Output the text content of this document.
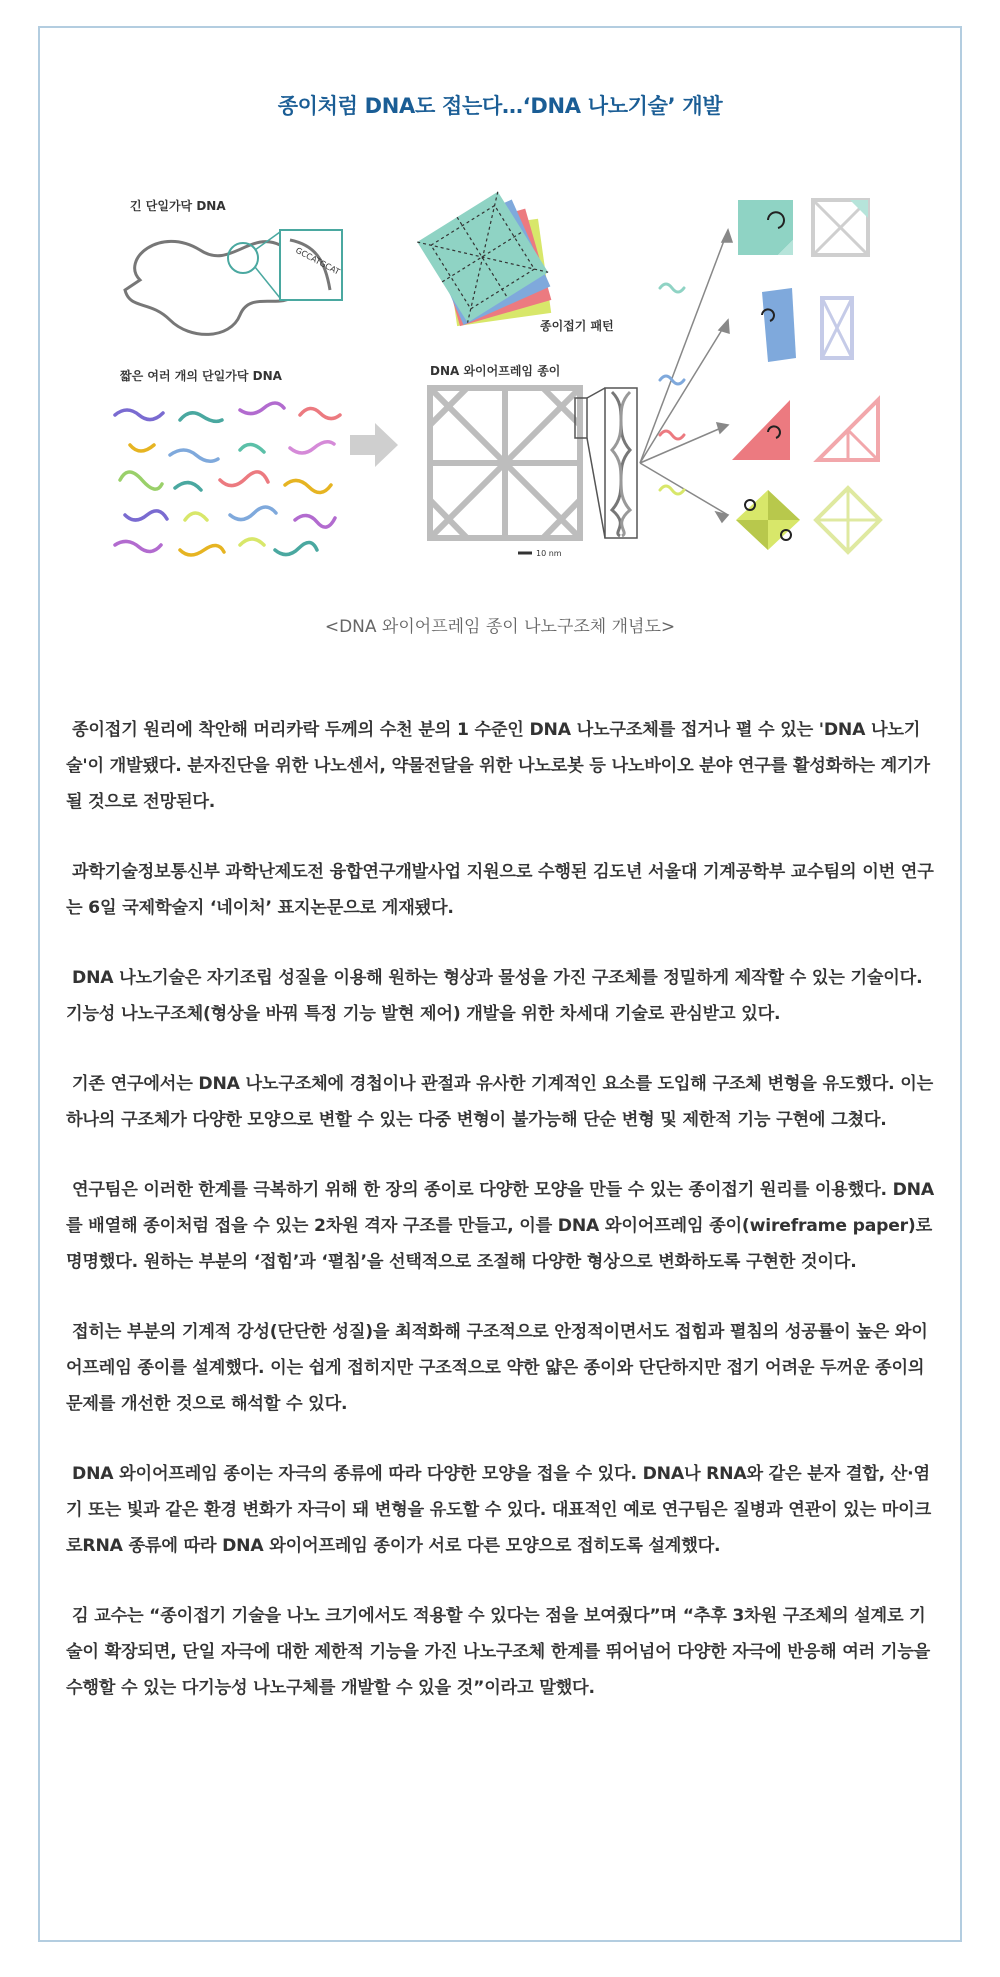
종이처럼 DNA도 접는다…‘DNA 나노기술’ 개발
긴 단일가닥 DNA
GCCATGCAT
짧은 여러 개의 단일가닥 DNA
종이접기 패턴
DNA 와이어프레임 종이
10 nm
<DNA 와이어프레임 종이 나노구조체 개념도>

종이접기 원리에 착안해 머리카락 두께의 수천 분의 1 수준인 DNA 나노구조체를 접거나 펼 수 있는 'DNA 나노기술'이 개발됐다. 분자진단을 위한 나노센서, 약물전달을 위한 나노로봇 등 나노바이오 분야 연구를 활성화하는 계기가 될 것으로 전망된다.

과학기술정보통신부 과학난제도전 융합연구개발사업 지원으로 수행된 김도년 서울대 기계공학부 교수팀의 이번 연구는 6일 국제학술지 ‘네이처’ 표지논문으로 게재됐다.

DNA 나노기술은 자기조립 성질을 이용해 원하는 형상과 물성을 가진 구조체를 정밀하게 제작할 수 있는 기술이다. 기능성 나노구조체(형상을 바꿔 특정 기능 발현 제어) 개발을 위한 차세대 기술로 관심받고 있다.

기존 연구에서는 DNA 나노구조체에 경첩이나 관절과 유사한 기계적인 요소를 도입해 구조체 변형을 유도했다. 이는 하나의 구조체가 다양한 모양으로 변할 수 있는 다중 변형이 불가능해 단순 변형 및 제한적 기능 구현에 그쳤다.

연구팀은 이러한 한계를 극복하기 위해 한 장의 종이로 다양한 모양을 만들 수 있는 종이접기 원리를 이용했다. DNA를 배열해 종이처럼 접을 수 있는 2차원 격자 구조를 만들고, 이를 DNA 와이어프레임 종이(wireframe paper)로 명명했다. 원하는 부분의 ‘접힘’과 ‘펼침’을 선택적으로 조절해 다양한 형상으로 변화하도록 구현한 것이다.

접히는 부분의 기계적 강성(단단한 성질)을 최적화해 구조적으로 안정적이면서도 접힘과 펼침의 성공률이 높은 와이어프레임 종이를 설계했다. 이는 쉽게 접히지만 구조적으로 약한 얇은 종이와 단단하지만 접기 어려운 두꺼운 종이의 문제를 개선한 것으로 해석할 수 있다.

DNA 와이어프레임 종이는 자극의 종류에 따라 다양한 모양을 접을 수 있다. DNA나 RNA와 같은 분자 결합, 산·염기 또는 빛과 같은 환경 변화가 자극이 돼 변형을 유도할 수 있다. 대표적인 예로 연구팀은 질병과 연관이 있는 마이크로RNA 종류에 따라 DNA 와이어프레임 종이가 서로 다른 모양으로 접히도록 설계했다.

김 교수는 “종이접기 기술을 나노 크기에서도 적용할 수 있다는 점을 보여줬다”며 “추후 3차원 구조체의 설계로 기술이 확장되면, 단일 자극에 대한 제한적 기능을 가진 나노구조체 한계를 뛰어넘어 다양한 자극에 반응해 여러 기능을 수행할 수 있는 다기능성 나노구체를 개발할 수 있을 것”이라고 말했다.
